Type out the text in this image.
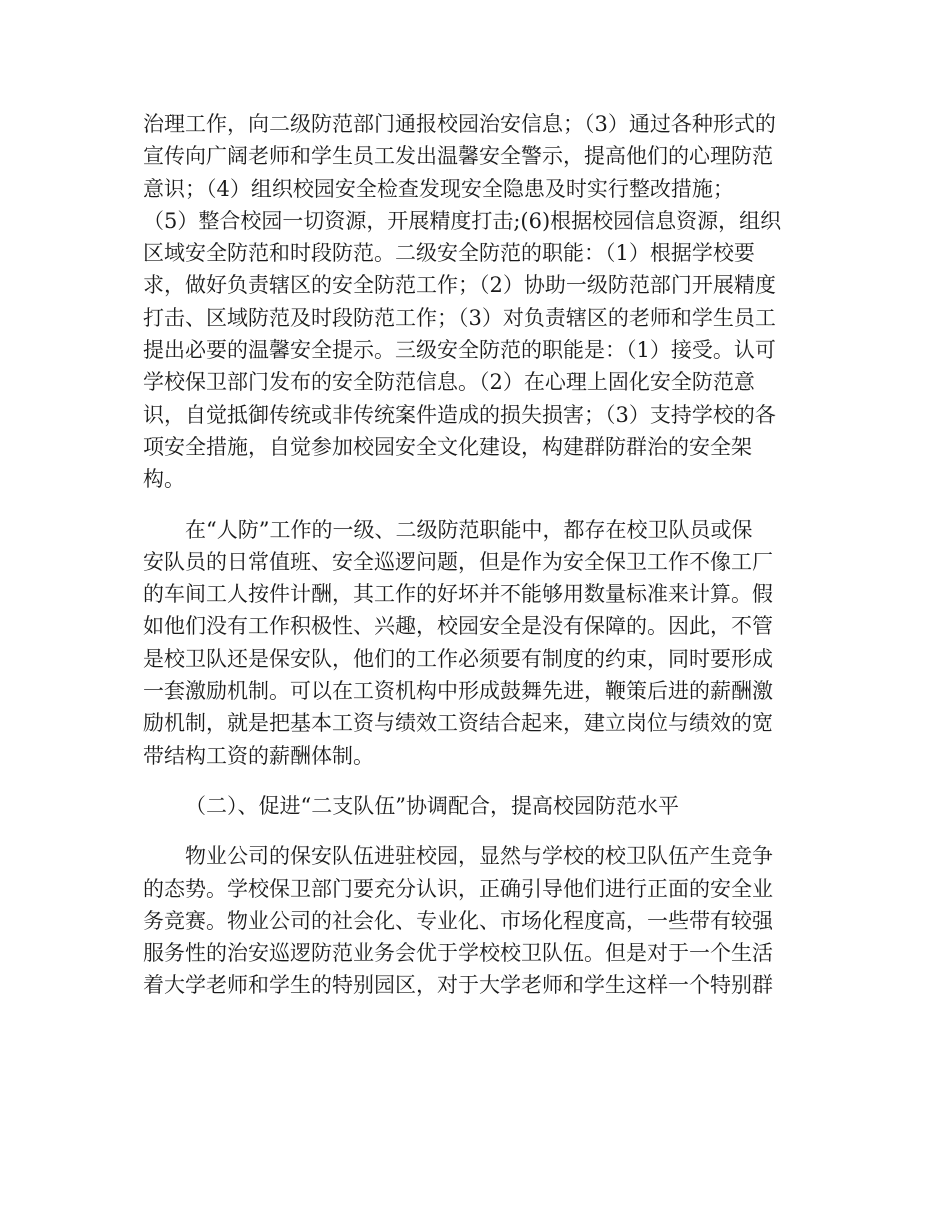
治理工作，向二级防范部门通报校园治安信息；（3）通过各种形式的
宣传向广阔老师和学生员工发出温馨安全警示，提高他们的心理防范
意识；（4）组织校园安全检查发现安全隐患及时实行整改措施；
（5）整合校园一切资源，开展精度打击;(6)根据校园信息资源，组织
区域安全防范和时段防范。二级安全防范的职能：（1）根据学校要
求，做好负责辖区的安全防范工作；（2）协助一级防范部门开展精度
打击、区域防范及时段防范工作；（3）对负责辖区的老师和学生员工
提出必要的温馨安全提示。三级安全防范的职能是：（1）接受。认可
学校保卫部门发布的安全防范信息。（2）在心理上固化安全防范意
识，自觉抵御传统或非传统案件造成的损失损害；（3）支持学校的各
项安全措施，自觉参加校园安全文化建设，构建群防群治的安全架
构。

在“人防”工作的一级、二级防范职能中，都存在校卫队员或保
安队员的日常值班、安全巡逻问题，但是作为安全保卫工作不像工厂
的车间工人按件计酬，其工作的好坏并不能够用数量标准来计算。假
如他们没有工作积极性、兴趣，校园安全是没有保障的。因此，不管
是校卫队还是保安队，他们的工作必须要有制度的约束，同时要形成
一套激励机制。可以在工资机构中形成鼓舞先进，鞭策后进的薪酬激
励机制，就是把基本工资与绩效工资结合起来，建立岗位与绩效的宽
带结构工资的薪酬体制。

（二）、促进“二支队伍”协调配合，提高校园防范水平

物业公司的保安队伍进驻校园，显然与学校的校卫队伍产生竞争
的态势。学校保卫部门要充分认识，正确引导他们进行正面的安全业
务竞赛。物业公司的社会化、专业化、市场化程度高，一些带有较强
服务性的治安巡逻防范业务会优于学校校卫队伍。但是对于一个生活
着大学老师和学生的特别园区，对于大学老师和学生这样一个特别群
